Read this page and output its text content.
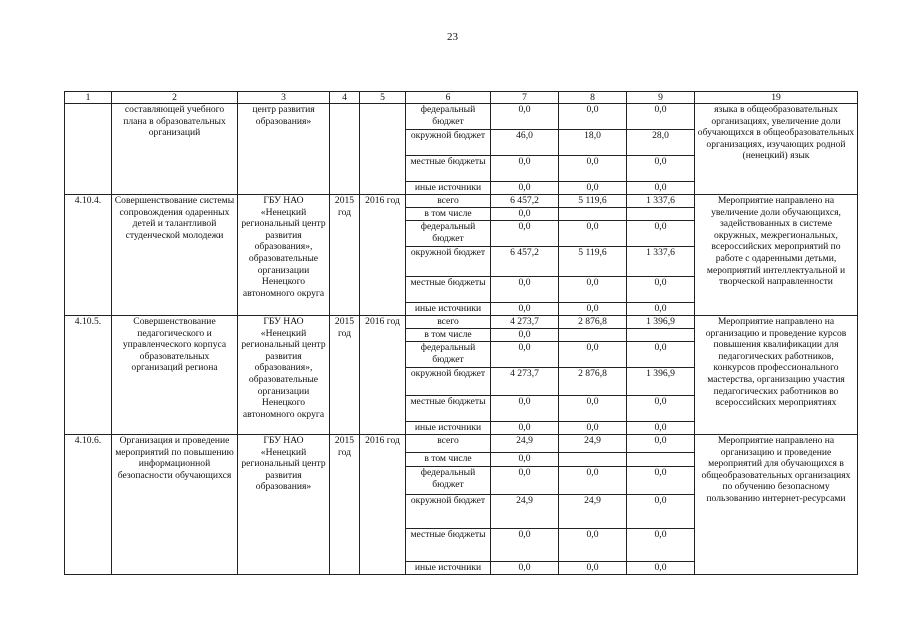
23
1	2	3	4	5	6	7	8	9	19
	составляющей учебного плана в образовательных организаций	центр развития образования»			федеральный бюджет	0,0	0,0	0,0	языка в общеобразовательных организациях, увеличение доли обучающихся в общеобразовательных организациях, изучающих родной (ненецкий) язык
					окружной бюджет	46,0	18,0	28,0	
					местные бюджеты	0,0	0,0	0,0	
					иные источники	0,0	0,0	0,0	
4.10.4.	Совершенствование системы сопровождения одаренных детей и талантливой студенческой молодежи	ГБУ НАО «Ненецкий региональный центр развития образования», образовательные организации Ненецкого автономного округа	2015 год	2016 год	всего	6 457,2	5 119,6	1 337,6	Мероприятие направлено на увеличение доли обучающихся, задействованных в системе окружных, межрегиональных, всероссийских мероприятий по работе с одаренными детьми, мероприятий интеллектуальной и творческой направленности
					в том числе	0,0			
					федеральный бюджет	0,0	0,0	0,0	
					окружной бюджет	6 457,2	5 119,6	1 337,6	
					местные бюджеты	0,0	0,0	0,0	
					иные источники	0,0	0,0	0,0	
4.10.5.	Совершенствование педагогического и управленческого корпуса образовательных организаций региона	ГБУ НАО «Ненецкий региональный центр развития образования», образовательные организации Ненецкого автономного округа	2015 год	2016 год	всего	4 273,7	2 876,8	1 396,9	Мероприятие направлено на организацию и проведение курсов повышения квалификации для педагогических работников, конкурсов профессионального мастерства, организацию участия педагогических работников во всероссийских мероприятиях
					в том числе	0,0			
					федеральный бюджет	0,0	0,0	0,0	
					окружной бюджет	4 273,7	2 876,8	1 396,9	
					местные бюджеты	0,0	0,0	0,0	
					иные источники	0,0	0,0	0,0	
4.10.6.	Организация и проведение мероприятий по повышению информационной безопасности обучающихся	ГБУ НАО «Ненецкий региональный центр развития образования»	2015 год	2016 год	всего	24,9	24,9	0,0	Мероприятие направлено на организацию и проведение мероприятий для обучающихся в общеобразовательных организациях по обучению безопасному пользованию интернет-ресурсами
					в том числе	0,0			
					федеральный бюджет	0,0	0,0	0,0	
					окружной бюджет	24,9	24,9	0,0	
					местные бюджеты	0,0	0,0	0,0	
					иные источники	0,0	0,0	0,0	
